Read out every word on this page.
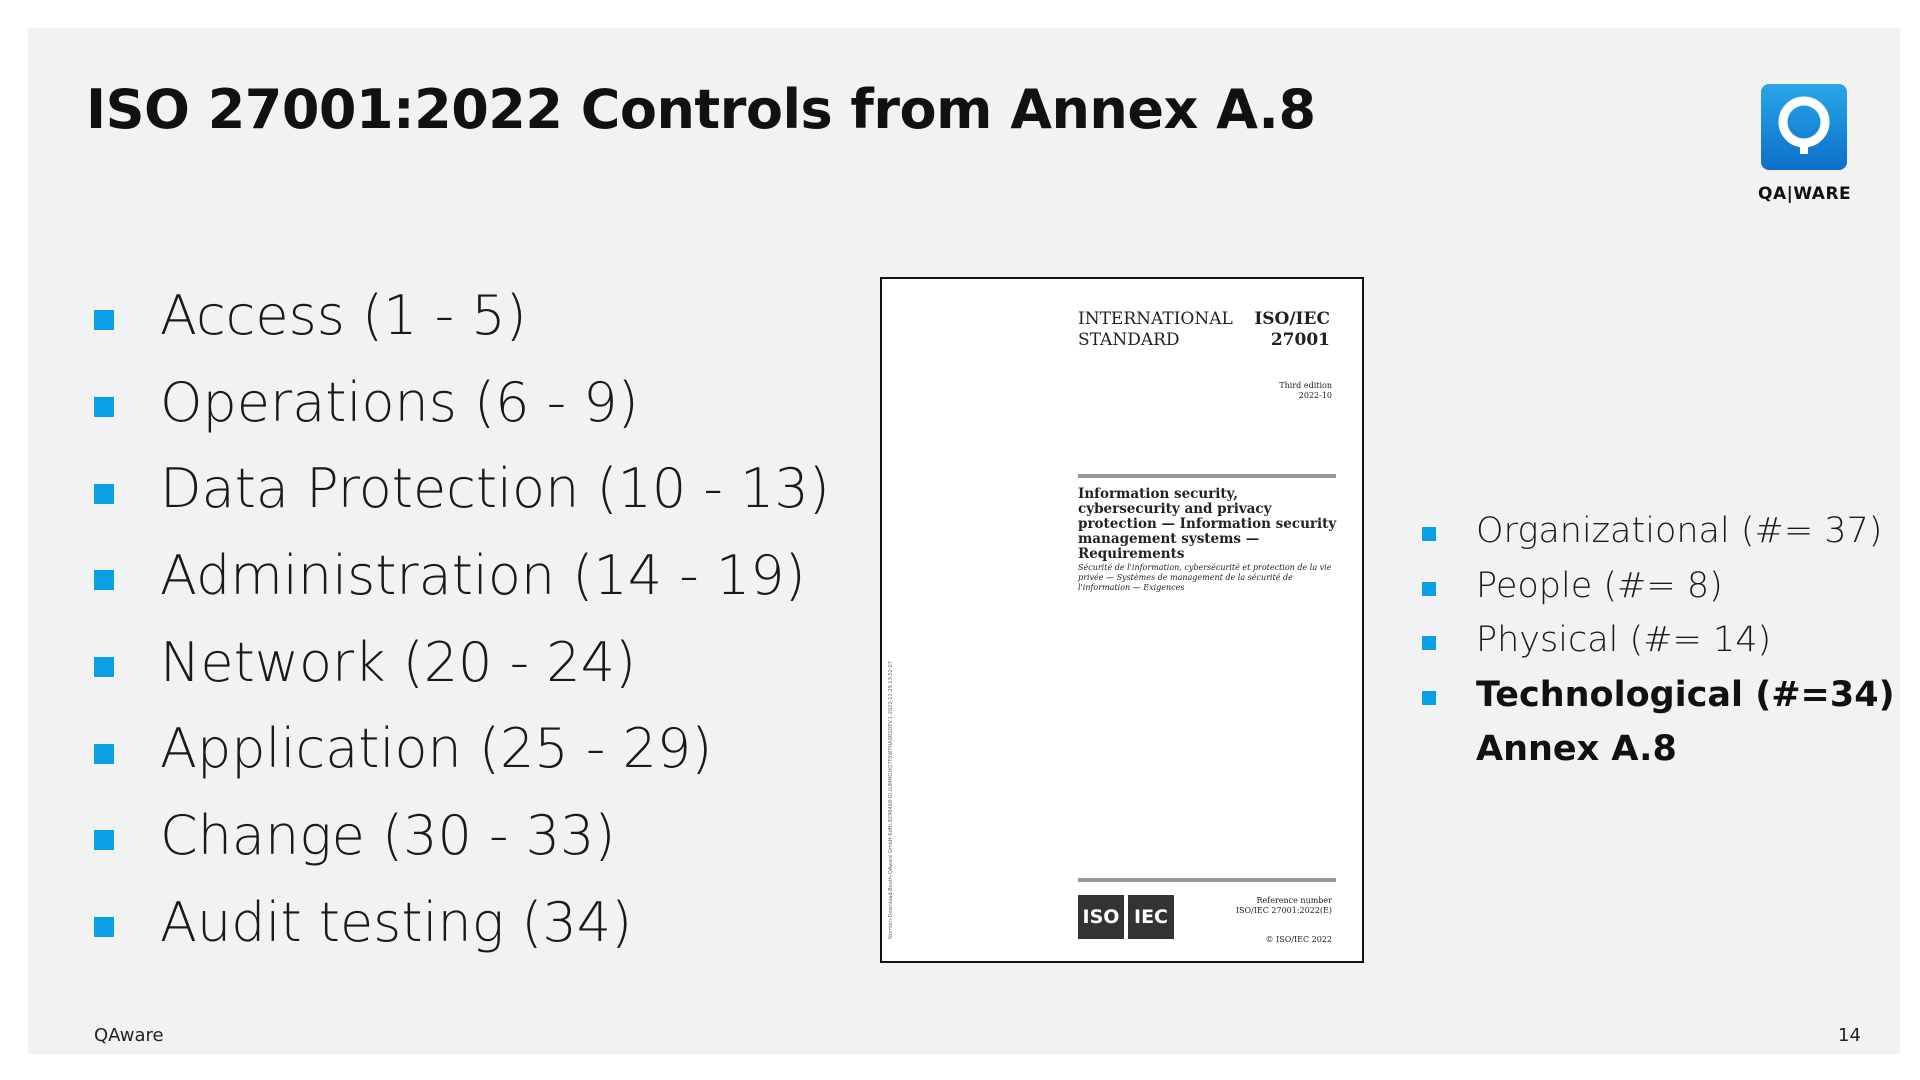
ISO 27001:2022 Controls from Annex A.8
QA|WARE
Access (1 - 5)
Operations (6 - 9)
Data Protection (10 - 13)
Administration (14 - 19)
Network (20 - 24)
Application (25 - 29)
Change (30 - 33)
Audit testing (34)
INTERNATIONAL STANDARD
ISO/IEC
27001
Third edition
2022-10
Information security, cybersecurity and privacy protection — Information security management systems — Requirements
Sécurité de l'information, cybersécurité et protection de la vie privée — Systèmes de management de la sécurité de l'information — Exigences
Normen-Download-Beuth-QAware GmbH-KdNr.8298468-ID.LUMMOHQ7F0WTHA0RSDEV.1-2022-11-29 13:52:07	ISO IEC
Reference number
ISO/IEC 27001:2022(E)
© ISO/IEC 2022
Organizational (#= 37)
People (#= 8)
Physical (#= 14)
Technological (#=34)
Annex A.8
QAware	14
